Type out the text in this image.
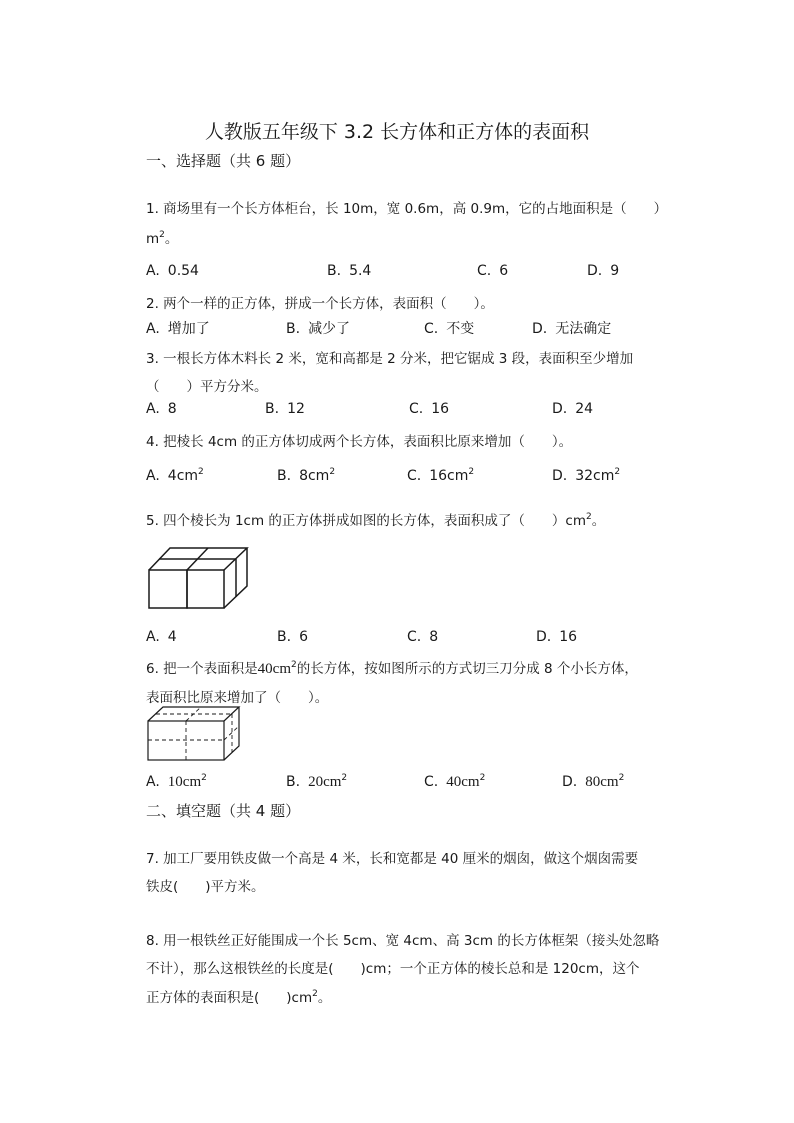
人教版五年级下 3.2 长方体和正方体的表面积
一、选择题（共 6 题）
1. 商场里有一个长方体柜台，长 10m，宽 0.6m，高 0.9m，它的占地面积是（　　）
$m^2$。
A. 0.54	B. 5.4	C. 6	D. 9
2. 两个一样的正方体，拼成一个长方体，表面积（　　）。
A. 增加了	B. 减少了	C. 不变	D. 无法确定
3. 一根长方体木料长 2 米，宽和高都是 2 分米，把它锯成 3 段，表面积至少增加
（　　）平方分米。
A. 8	B. 12	C. 16	D. 24
4. 把棱长 4cm 的正方体切成两个长方体，表面积比原来增加（　　）。
A. $4cm^2$	B. $8cm^2$	C. $16cm^2$	D. $32cm^2$
5. 四个棱长为 1cm 的正方体拼成如图的长方体，表面积成了（　　）$cm^2$。
A. 4	B. 6	C. 8	D. 16
6. 把一个表面积是$40cm^2$的长方体，按如图所示的方式切三刀分成 8 个小长方体，
表面积比原来增加了（　　）。
A. $10cm^2$	B. $20cm^2$	C. $40cm^2$	D. $80cm^2$
二、填空题（共 4 题）
7. 加工厂要用铁皮做一个高是 4 米，长和宽都是 40 厘米的烟囱，做这个烟囱需要
铁皮(　　)平方米。
8. 用一根铁丝正好能围成一个长 5cm、宽 4cm、高 3cm 的长方体框架（接头处忽略
不计），那么这根铁丝的长度是(　　)cm；一个正方体的棱长总和是 120cm，这个
正方体的表面积是(　　)$cm^2$。
